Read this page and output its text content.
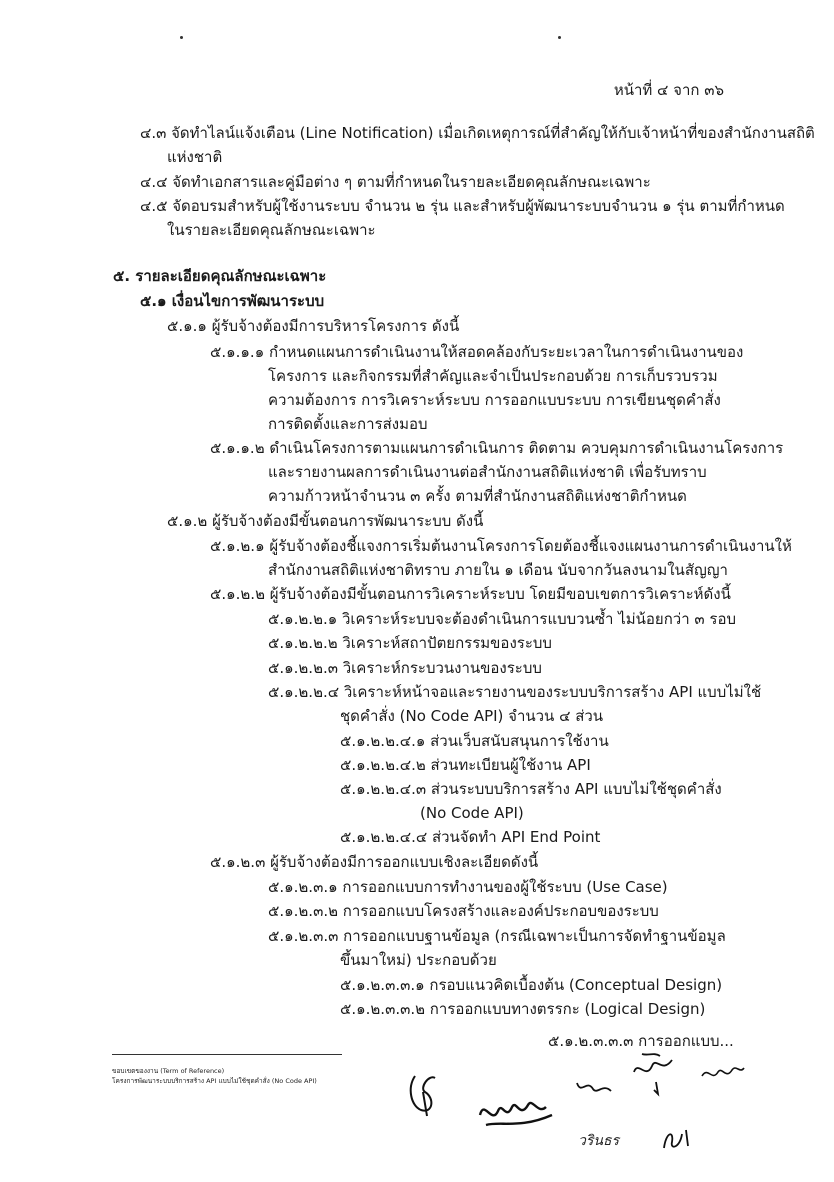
หน้าที่ ๔ จาก ๓๖
๔.๓ จัดทำไลน์แจ้งเตือน (Line Notification) เมื่อเกิดเหตุการณ์ที่สำคัญให้กับเจ้าหน้าที่ของสำนักงานสถิติ
แห่งชาติ
๔.๔ จัดทำเอกสารและคู่มือต่าง ๆ ตามที่กำหนดในรายละเอียดคุณลักษณะเฉพาะ
๔.๕ จัดอบรมสำหรับผู้ใช้งานระบบ จำนวน ๒ รุ่น และสำหรับผู้พัฒนาระบบจำนวน ๑ รุ่น ตามที่กำหนด
ในรายละเอียดคุณลักษณะเฉพาะ
๕. รายละเอียดคุณลักษณะเฉพาะ
๕.๑ เงื่อนไขการพัฒนาระบบ
๕.๑.๑ ผู้รับจ้างต้องมีการบริหารโครงการ ดังนี้
๕.๑.๑.๑ กำหนดแผนการดำเนินงานให้สอดคล้องกับระยะเวลาในการดำเนินงานของ
โครงการ และกิจกรรมที่สำคัญและจำเป็นประกอบด้วย การเก็บรวบรวม
ความต้องการ การวิเคราะห์ระบบ การออกแบบระบบ การเขียนชุดคำสั่ง
การติดตั้งและการส่งมอบ
๕.๑.๑.๒ ดำเนินโครงการตามแผนการดำเนินการ ติดตาม ควบคุมการดำเนินงานโครงการ
และรายงานผลการดำเนินงานต่อสำนักงานสถิติแห่งชาติ เพื่อรับทราบ
ความก้าวหน้าจำนวน ๓ ครั้ง ตามที่สำนักงานสถิติแห่งชาติกำหนด
๕.๑.๒ ผู้รับจ้างต้องมีขั้นตอนการพัฒนาระบบ ดังนี้
๕.๑.๒.๑ ผู้รับจ้างต้องชี้แจงการเริ่มต้นงานโครงการโดยต้องชี้แจงแผนงานการดำเนินงานให้
สำนักงานสถิติแห่งชาติทราบ ภายใน ๑ เดือน นับจากวันลงนามในสัญญา
๕.๑.๒.๒ ผู้รับจ้างต้องมีขั้นตอนการวิเคราะห์ระบบ โดยมีขอบเขตการวิเคราะห์ดังนี้
๕.๑.๒.๒.๑ วิเคราะห์ระบบจะต้องดำเนินการแบบวนซ้ำ ไม่น้อยกว่า ๓ รอบ
๕.๑.๒.๒.๒ วิเคราะห์สถาปัตยกรรมของระบบ
๕.๑.๒.๒.๓ วิเคราะห์กระบวนงานของระบบ
๕.๑.๒.๒.๔ วิเคราะห์หน้าจอและรายงานของระบบบริการสร้าง API แบบไม่ใช้
ชุดคำสั่ง (No Code API) จำนวน ๔ ส่วน
๕.๑.๒.๒.๔.๑ ส่วนเว็บสนับสนุนการใช้งาน
๕.๑.๒.๒.๔.๒ ส่วนทะเบียนผู้ใช้งาน API
๕.๑.๒.๒.๔.๓ ส่วนระบบบริการสร้าง API แบบไม่ใช้ชุดคำสั่ง
(No Code API)
๕.๑.๒.๒.๔.๔ ส่วนจัดทำ API End Point
๕.๑.๒.๓ ผู้รับจ้างต้องมีการออกแบบเชิงละเอียดดังนี้
๕.๑.๒.๓.๑ การออกแบบการทำงานของผู้ใช้ระบบ (Use Case)
๕.๑.๒.๓.๒ การออกแบบโครงสร้างและองค์ประกอบของระบบ
๕.๑.๒.๓.๓ การออกแบบฐานข้อมูล (กรณีเฉพาะเป็นการจัดทำฐานข้อมูล
ขึ้นมาใหม่) ประกอบด้วย
๕.๑.๒.๓.๓.๑ กรอบแนวคิดเบื้องต้น (Conceptual Design)
๕.๑.๒.๓.๓.๒ การออกแบบทางตรรกะ (Logical Design)
๕.๑.๒.๓.๓.๓ การออกแบบ...
ขอบเขตของงาน (Term of Reference)
โครงการพัฒนาระบบบริการสร้าง API แบบไม่ใช้ชุดคำสั่ง (No Code API)
วรินธร
